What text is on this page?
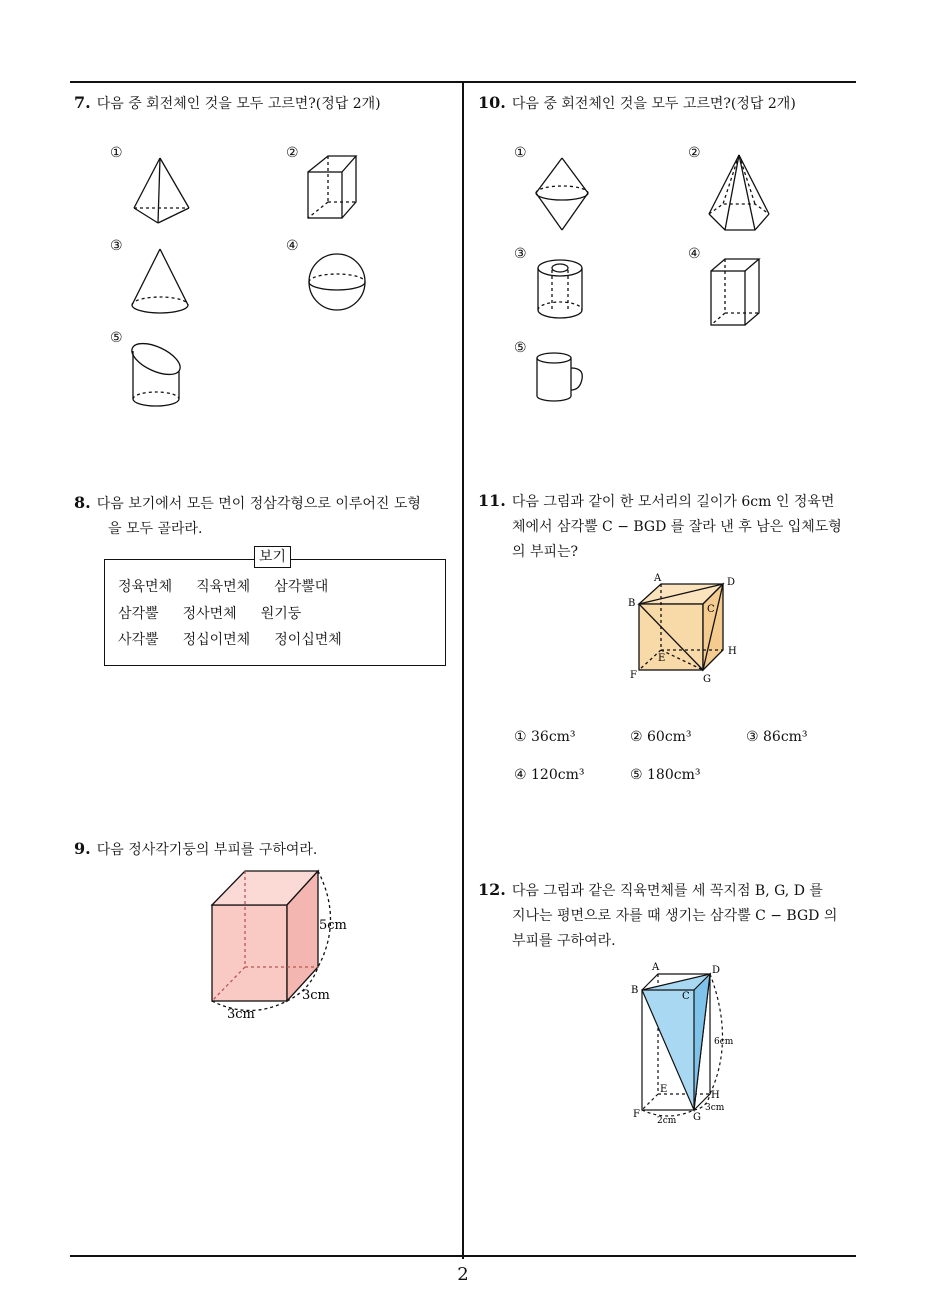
7. 다음 중 회전체인 것을 모두 고르면?(정답 2개)
①	②
③	④
⑤
8. 다음 보기에서 모든 면이 정삼각형으로 이루어진 도형
을 모두 골라라.
보기
정육면체 직육면체 삼각뿔대
삼각뿔 정사면체 원기둥
사각뿔 정십이면체 정이십면체
9. 다음 정사각기둥의 부피를 구하여라.
5cm
3cm
3cm
10. 다음 중 회전체인 것을 모두 고르면?(정답 2개)
①	②
③	④
⑤
11. 다음 그림과 같이 한 모서리의 길이가 6cm 인 정육면
체에서 삼각뿔 C − BGD 를 잘라 낸 후 남은 입체도형
의 부피는?
A	D
B
C
E
H
F	G
① 36cm³	② 60cm³	③ 86cm³
④ 120cm³	⑤ 180cm³
12. 다음 그림과 같은 직육면체를 세 꼭지점 B, G, D 를
지나는 평면으로 자를 때 생기는 삼각뿔 C − BGD 의
부피를 구하여라.
A	D
B
C
E
H
F	G
6cm
3cm
2cm
2
